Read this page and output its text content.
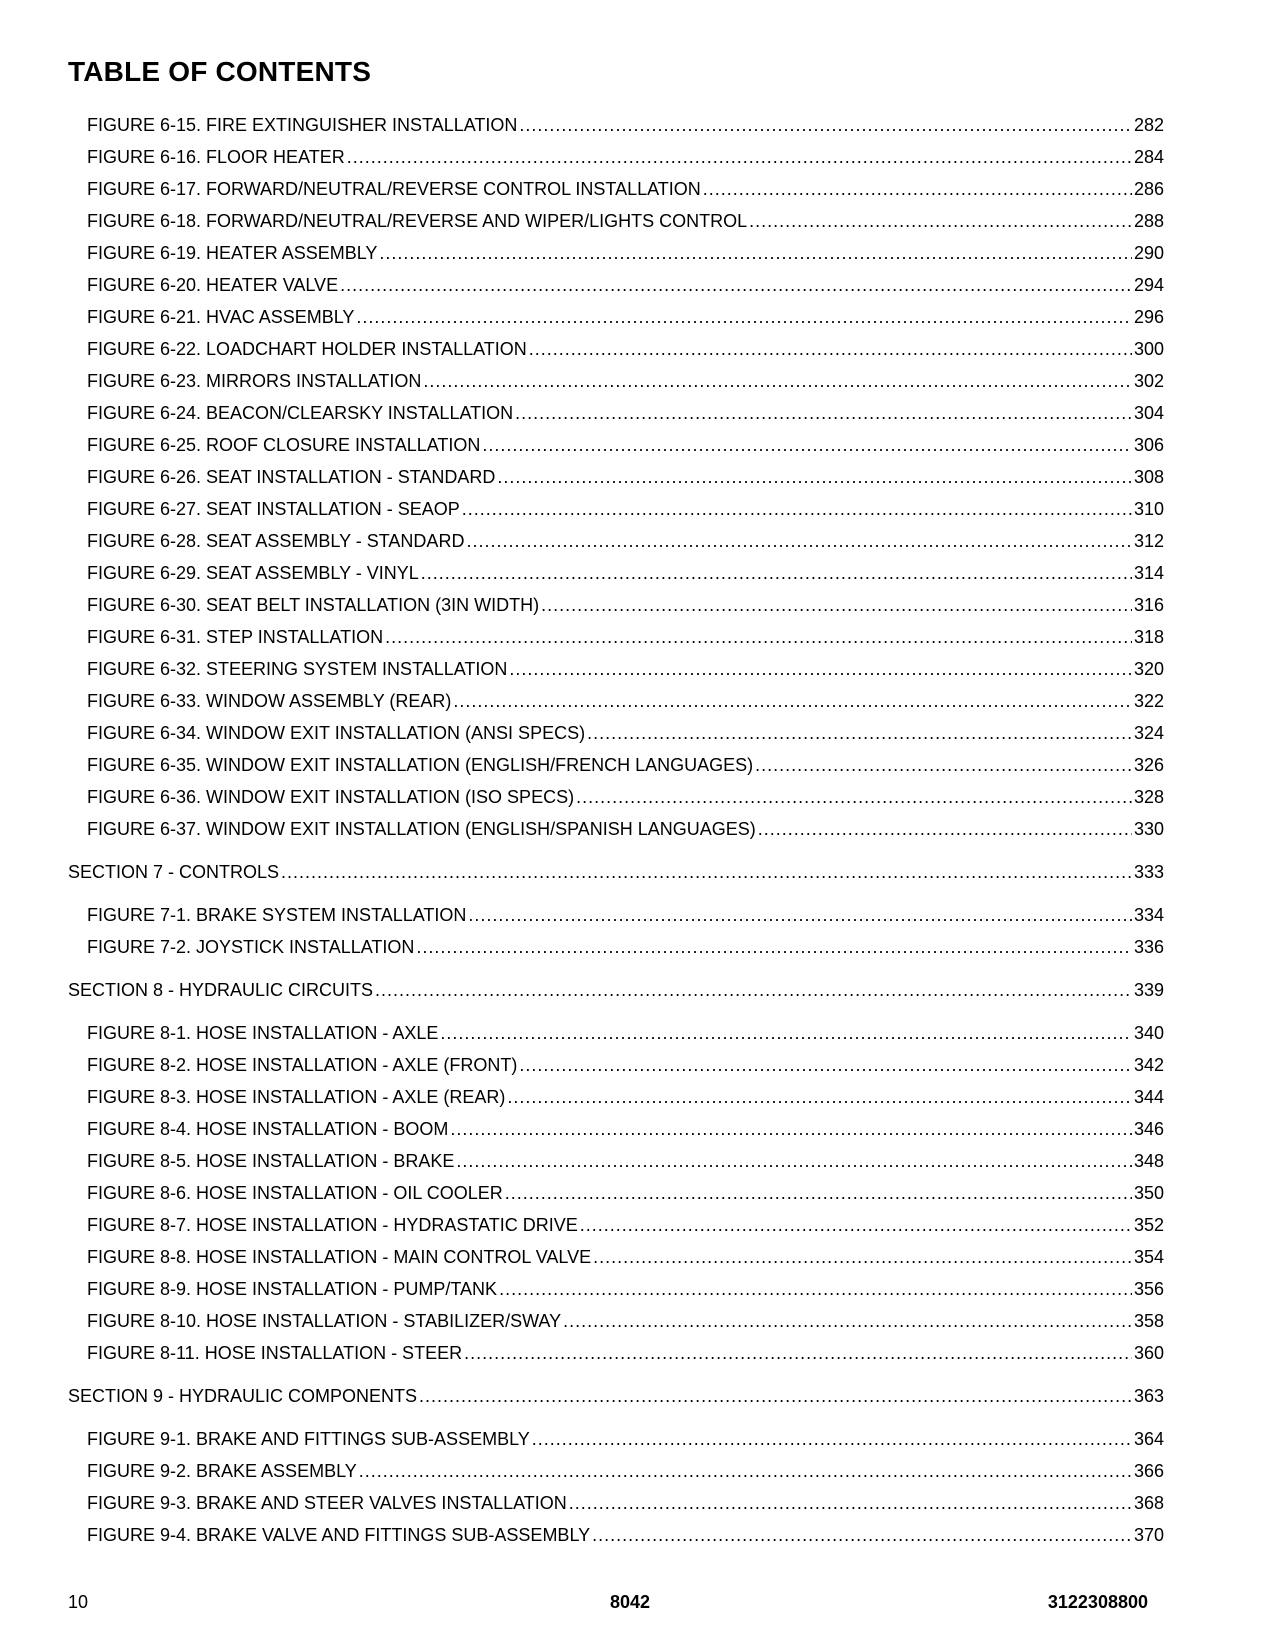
TABLE OF CONTENTS
FIGURE 6-15. FIRE EXTINGUISHER INSTALLATION .....	282
FIGURE 6-16. FLOOR HEATER .....	284
FIGURE 6-17. FORWARD/NEUTRAL/REVERSE CONTROL INSTALLATION .....	286
FIGURE 6-18. FORWARD/NEUTRAL/REVERSE AND WIPER/LIGHTS CONTROL .....	288
FIGURE 6-19. HEATER ASSEMBLY .....	290
FIGURE 6-20. HEATER VALVE .....	294
FIGURE 6-21. HVAC ASSEMBLY .....	296
FIGURE 6-22. LOADCHART HOLDER INSTALLATION .....	300
FIGURE 6-23. MIRRORS INSTALLATION .....	302
FIGURE 6-24. BEACON/CLEARSKY INSTALLATION .....	304
FIGURE 6-25. ROOF CLOSURE INSTALLATION .....	306
FIGURE 6-26. SEAT INSTALLATION - STANDARD .....	308
FIGURE 6-27. SEAT INSTALLATION - SEAOP .....	310
FIGURE 6-28. SEAT ASSEMBLY - STANDARD .....	312
FIGURE 6-29. SEAT ASSEMBLY - VINYL .....	314
FIGURE 6-30. SEAT BELT INSTALLATION (3IN WIDTH) .....	316
FIGURE 6-31. STEP INSTALLATION .....	318
FIGURE 6-32. STEERING SYSTEM INSTALLATION .....	320
FIGURE 6-33. WINDOW ASSEMBLY (REAR) .....	322
FIGURE 6-34. WINDOW EXIT INSTALLATION (ANSI SPECS) .....	324
FIGURE 6-35. WINDOW EXIT INSTALLATION (ENGLISH/FRENCH LANGUAGES) .....	326
FIGURE 6-36. WINDOW EXIT INSTALLATION (ISO SPECS) .....	328
FIGURE 6-37. WINDOW EXIT INSTALLATION (ENGLISH/SPANISH LANGUAGES) .....	330
SECTION 7 - CONTROLS .....	333
FIGURE 7-1. BRAKE SYSTEM INSTALLATION .....	334
FIGURE 7-2. JOYSTICK INSTALLATION .....	336
SECTION 8 - HYDRAULIC CIRCUITS .....	339
FIGURE 8-1. HOSE INSTALLATION - AXLE .....	340
FIGURE 8-2. HOSE INSTALLATION - AXLE (FRONT) .....	342
FIGURE 8-3. HOSE INSTALLATION - AXLE (REAR) .....	344
FIGURE 8-4. HOSE INSTALLATION - BOOM .....	346
FIGURE 8-5. HOSE INSTALLATION - BRAKE .....	348
FIGURE 8-6. HOSE INSTALLATION - OIL COOLER .....	350
FIGURE 8-7. HOSE INSTALLATION - HYDRASTATIC DRIVE .....	352
FIGURE 8-8. HOSE INSTALLATION - MAIN CONTROL VALVE .....	354
FIGURE 8-9. HOSE INSTALLATION - PUMP/TANK .....	356
FIGURE 8-10. HOSE INSTALLATION - STABILIZER/SWAY .....	358
FIGURE 8-11. HOSE INSTALLATION - STEER .....	360
SECTION 9 - HYDRAULIC COMPONENTS .....	363
FIGURE 9-1. BRAKE AND FITTINGS SUB-ASSEMBLY .....	364
FIGURE 9-2. BRAKE ASSEMBLY .....	366
FIGURE 9-3. BRAKE AND STEER VALVES INSTALLATION .....	368
FIGURE 9-4. BRAKE VALVE AND FITTINGS SUB-ASSEMBLY .....	370
10	8042	3122308800
